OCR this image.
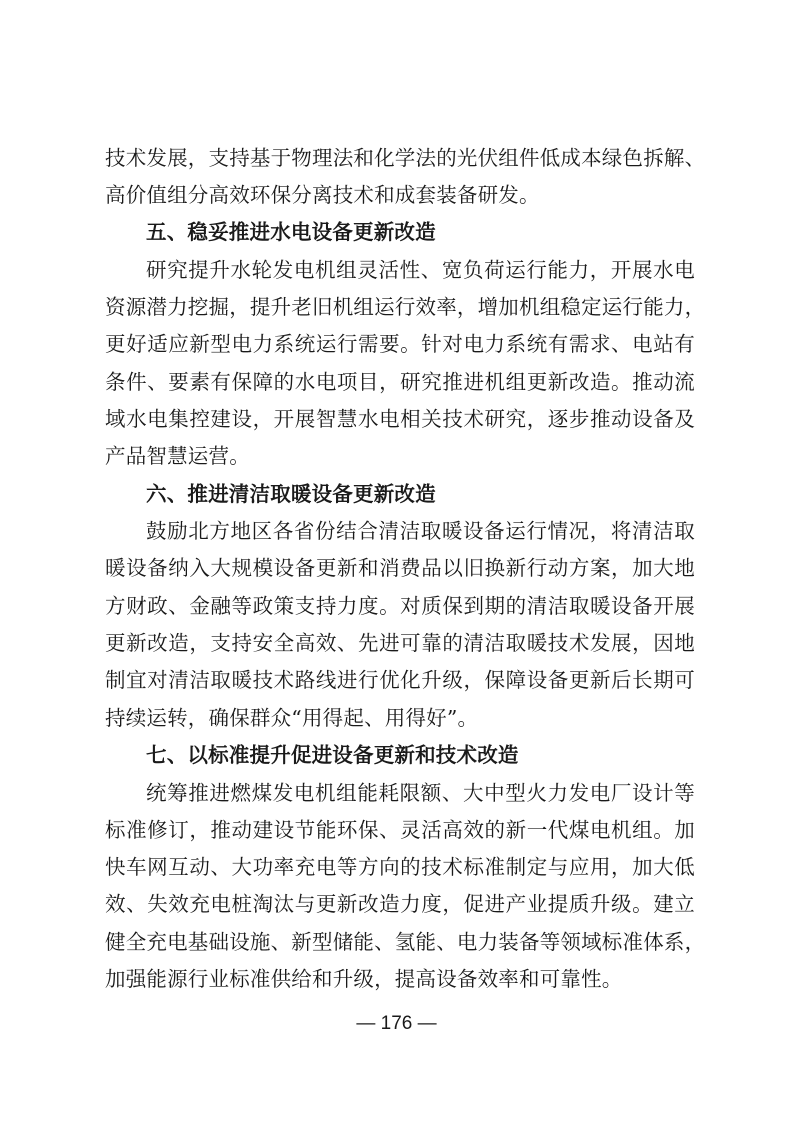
技术发展，支持基于物理法和化学法的光伏组件低成本绿色拆解、
高价值组分高效环保分离技术和成套装备研发。
五、稳妥推进水电设备更新改造
研究提升水轮发电机组灵活性、宽负荷运行能力，开展水电
资源潜力挖掘，提升老旧机组运行效率，增加机组稳定运行能力，
更好适应新型电力系统运行需要。针对电力系统有需求、电站有
条件、要素有保障的水电项目，研究推进机组更新改造。推动流
域水电集控建设，开展智慧水电相关技术研究，逐步推动设备及
产品智慧运营。
六、推进清洁取暖设备更新改造
鼓励北方地区各省份结合清洁取暖设备运行情况，将清洁取
暖设备纳入大规模设备更新和消费品以旧换新行动方案，加大地
方财政、金融等政策支持力度。对质保到期的清洁取暖设备开展
更新改造，支持安全高效、先进可靠的清洁取暖技术发展，因地
制宜对清洁取暖技术路线进行优化升级，保障设备更新后长期可
持续运转，确保群众“用得起、用得好”。
七、以标准提升促进设备更新和技术改造
统筹推进燃煤发电机组能耗限额、大中型火力发电厂设计等
标准修订，推动建设节能环保、灵活高效的新一代煤电机组。加
快车网互动、大功率充电等方向的技术标准制定与应用，加大低
效、失效充电桩淘汰与更新改造力度，促进产业提质升级。建立
健全充电基础设施、新型储能、氢能、电力装备等领域标准体系，
加强能源行业标准供给和升级，提高设备效率和可靠性。
— 176 —
